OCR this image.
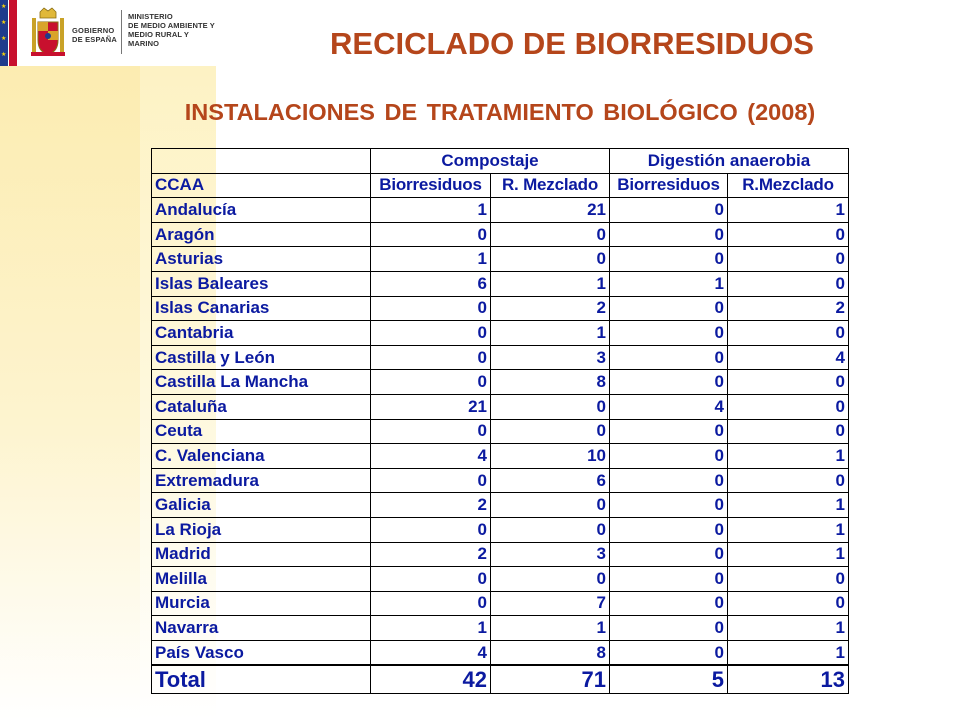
★
★
★
★
GOBIERNO
DE ESPAÑA
MINISTERIO
DE MEDIO AMBIENTE Y
MEDIO RURAL Y
MARINO	RECICLADO DE BIORRESIDUOS
INSTALACIONES DE TRATAMIENTO BIOLÓGICO (2008)
	Compostaje		Digestión anaerobia	
CCAA	Biorresiduos	R. Mezclado	Biorresiduos	R.Mezclado
Andalucía	1	21	0	1
Aragón	0	0	0	0
Asturias	1	0	0	0
Islas Baleares	6	1	1	0
Islas Canarias	0	2	0	2
Cantabria	0	1	0	0
Castilla y León	0	3	0	4
Castilla La Mancha	0	8	0	0
Cataluña	21	0	4	0
Ceuta	0	0	0	0
C. Valenciana	4	10	0	1
Extremadura	0	6	0	0
Galicia	2	0	0	1
La Rioja	0	0	0	1
Madrid	2	3	0	1
Melilla	0	0	0	0
Murcia	0	7	0	0
Navarra	1	1	0	1
País Vasco	4	8	0	1
Total	42	71	5	13
